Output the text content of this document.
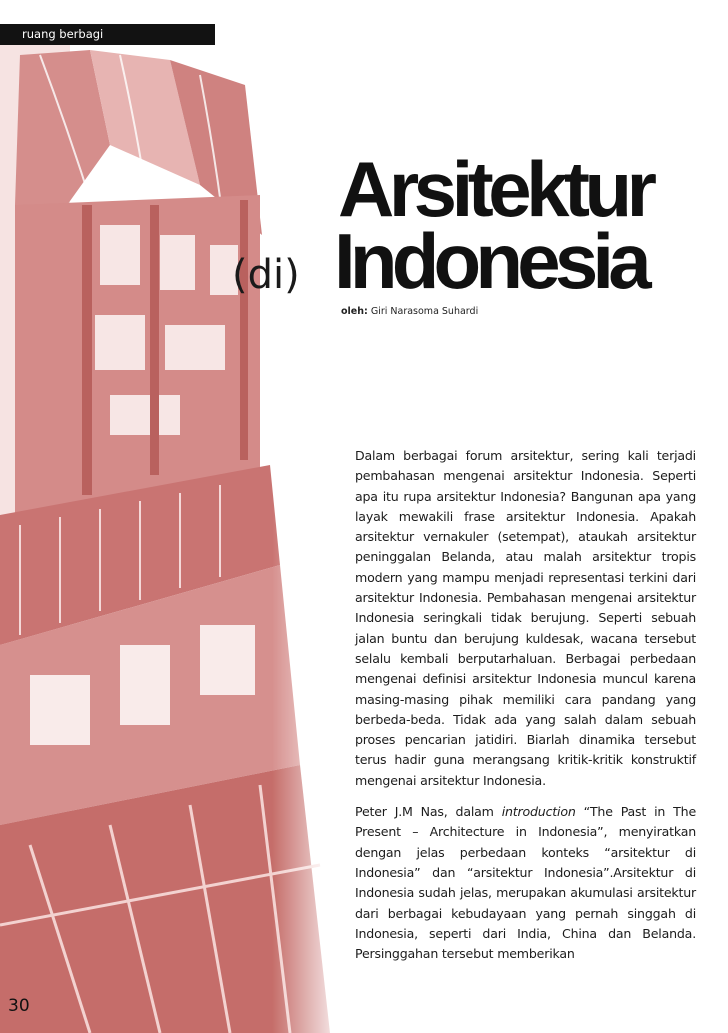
ruang berbagi
Arsitektur
(di) Indonesia
oleh: Giri Narasoma Suhardi

Dalam berbagai forum arsitektur, sering kali terjadi pembahasan mengenai arsitektur Indonesia. Seperti apa itu rupa arsitektur Indonesia? Bangunan apa yang layak mewakili frase arsitektur Indonesia. Apakah arsitektur vernakuler (setempat), ataukah arsitektur peninggalan Belanda, atau malah arsitektur tropis modern yang mampu menjadi representasi terkini dari arsitektur Indonesia. Pembahasan mengenai arsitektur Indonesia seringkali tidak berujung. Seperti sebuah jalan buntu dan berujung kuldesak, wacana tersebut selalu kembali berputarhaluan. Berbagai perbedaan mengenai definisi arsitektur Indonesia muncul karena masing-masing pihak memiliki cara pandang yang berbeda-beda. Tidak ada yang salah dalam sebuah proses pencarian jatidiri. Biarlah dinamika tersebut terus hadir guna merangsang kritik-kritik konstruktif mengenai arsitektur Indonesia.

Peter J.M Nas, dalam introduction “The Past in The Present – Architecture in Indonesia”, menyiratkan dengan jelas perbedaan konteks “arsitektur di Indonesia” dan “arsitektur Indonesia”.Arsitektur di Indonesia sudah jelas, merupakan akumulasi arsitektur dari berbagai kebudayaan yang pernah singgah di Indonesia, seperti dari India, China dan Belanda. Persinggahan tersebut memberikan

30
